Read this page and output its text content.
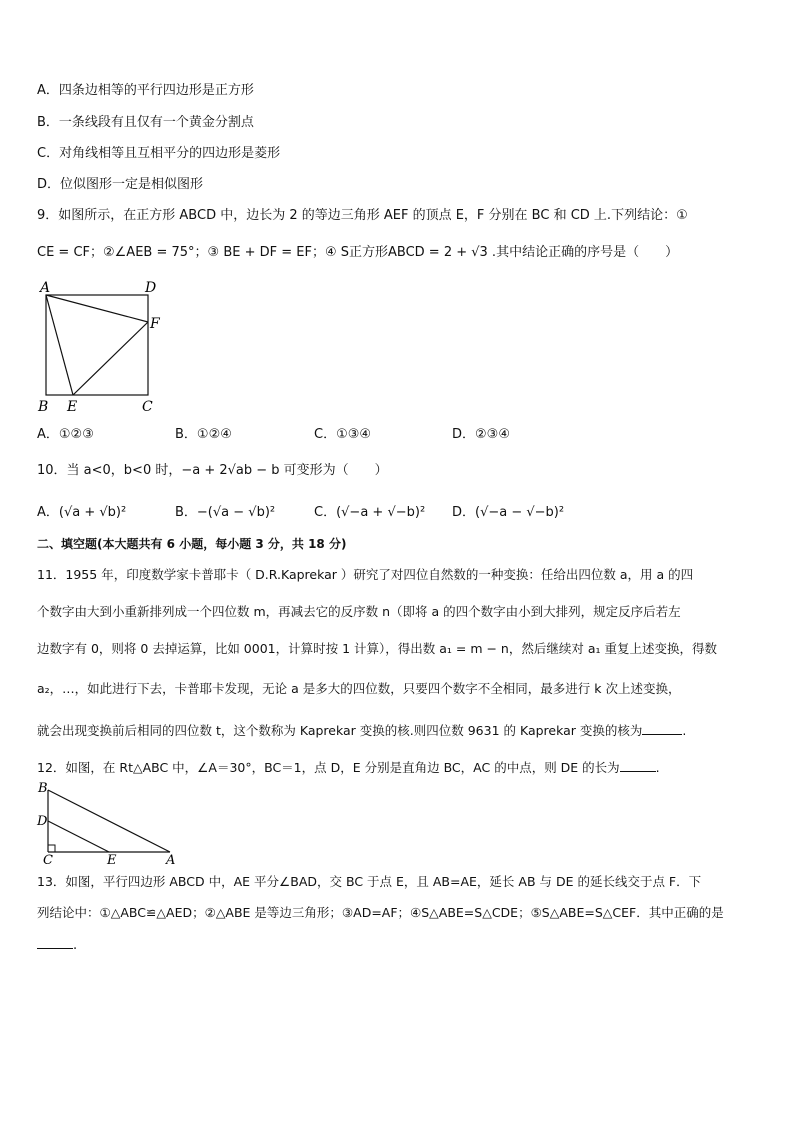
A．四条边相等的平行四边形是正方形
B．一条线段有且仅有一个黄金分割点
C．对角线相等且互相平分的四边形是菱形
D．位似图形一定是相似图形
9．如图所示，在正方形 ABCD 中，边长为 2 的等边三角形 AEF 的顶点 E，F 分别在 BC 和 CD 上.下列结论：①
CE = CF；②∠AEB = 75°；③ BE + DF = EF；④ S正方形ABCD = 2 + √3 .其中结论正确的序号是（　　）
A	D
F
B E	C
A．①②③	B．①②④	C．①③④	D．②③④
10．当 a<0，b<0 时，−a + 2√ab − b 可变形为（　　）
A．(√a + √b)²	B．−(√a − √b)²	C．(√−a + √−b)² D．(√−a − √−b)²
二、填空题(本大题共有 6 小题，每小题 3 分，共 18 分)
11．1955 年，印度数学家卡普耶卡（ D.R.Kaprekar ）研究了对四位自然数的一种变换：任给出四位数 a，用 a 的四
个数字由大到小重新排列成一个四位数 m，再减去它的反序数 n（即将 a 的四个数字由小到大排列，规定反序后若左
边数字有 0，则将 0 去掉运算，比如 0001，计算时按 1 计算），得出数 a₁ = m − n，然后继续对 a₁ 重复上述变换，得数
a₂，…，如此进行下去，卡普耶卡发现，无论 a 是多大的四位数，只要四个数字不全相同，最多进行 k 次上述变换，
就会出现变换前后相同的四位数 t，这个数称为 Kaprekar 变换的核.则四位数 9631 的 Kaprekar 变换的核为	.
12．如图，在 Rt△ABC 中，∠A＝30°，BC＝1，点 D，E 分别是直角边 BC，AC 的中点，则 DE 的长为	.
B
D
C	E	A
13．如图，平行四边形 ABCD 中，AE 平分∠BAD，交 BC 于点 E，且 AB=AE，延长 AB 与 DE 的延长线交于点 F．下
列结论中：①△ABC≌△AED；②△ABE 是等边三角形；③AD=AF；④S△ABE=S△CDE；⑤S△ABE=S△CEF．其中正确的是
.
